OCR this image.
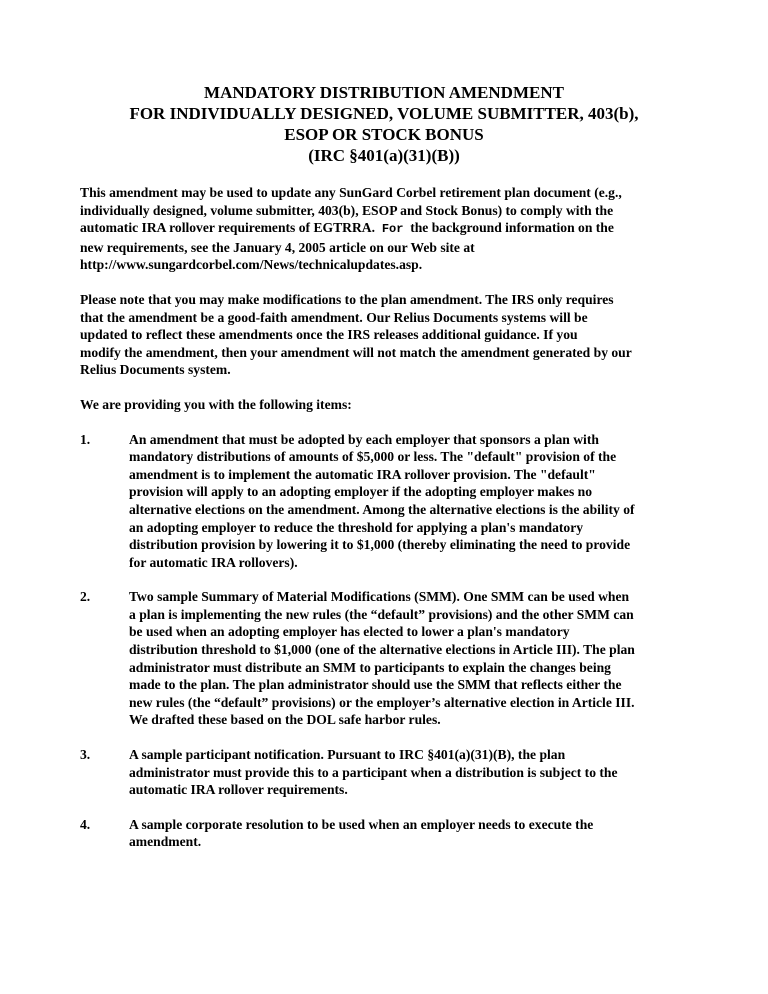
MANDATORY DISTRIBUTION AMENDMENT
FOR INDIVIDUALLY DESIGNED, VOLUME SUBMITTER, 403(b),
ESOP OR STOCK BONUS
(IRC §401(a)(31)(B))
This amendment may be used to update any SunGard Corbel retirement plan document (e.g.,
individually designed, volume submitter, 403(b), ESOP and Stock Bonus) to comply with the
automatic IRA rollover requirements of EGTRRA.  For  the background information on the
new requirements, see the January 4, 2005 article on our Web site at
http://www.sungardcorbel.com/News/technicalupdates.asp.
Please note that you may make modifications to the plan amendment. The IRS only requires
that the amendment be a good-faith amendment. Our Relius Documents systems will be
updated to reflect these amendments once the IRS releases additional guidance. If you
modify the amendment, then your amendment will not match the amendment generated by our
Relius Documents system.
We are providing you with the following items:
1.	An amendment that must be adopted by each employer that sponsors a plan with
mandatory distributions of amounts of $5,000 or less. The "default" provision of the
amendment is to implement the automatic IRA rollover provision. The "default"
provision will apply to an adopting employer if the adopting employer makes no
alternative elections on the amendment. Among the alternative elections is the ability of
an adopting employer to reduce the threshold for applying a plan's mandatory
distribution provision by lowering it to $1,000 (thereby eliminating the need to provide
for automatic IRA rollovers).
2.	Two sample Summary of Material Modifications (SMM). One SMM can be used when
a plan is implementing the new rules (the “default” provisions) and the other SMM can
be used when an adopting employer has elected to lower a plan's mandatory
distribution threshold to $1,000 (one of the alternative elections in Article III). The plan
administrator must distribute an SMM to participants to explain the changes being
made to the plan. The plan administrator should use the SMM that reflects either the
new rules (the “default” provisions) or the employer’s alternative election in Article III.
We drafted these based on the DOL safe harbor rules.
3.	A sample participant notification. Pursuant to IRC §401(a)(31)(B), the plan
administrator must provide this to a participant when a distribution is subject to the
automatic IRA rollover requirements.
4.	A sample corporate resolution to be used when an employer needs to execute the
amendment.
